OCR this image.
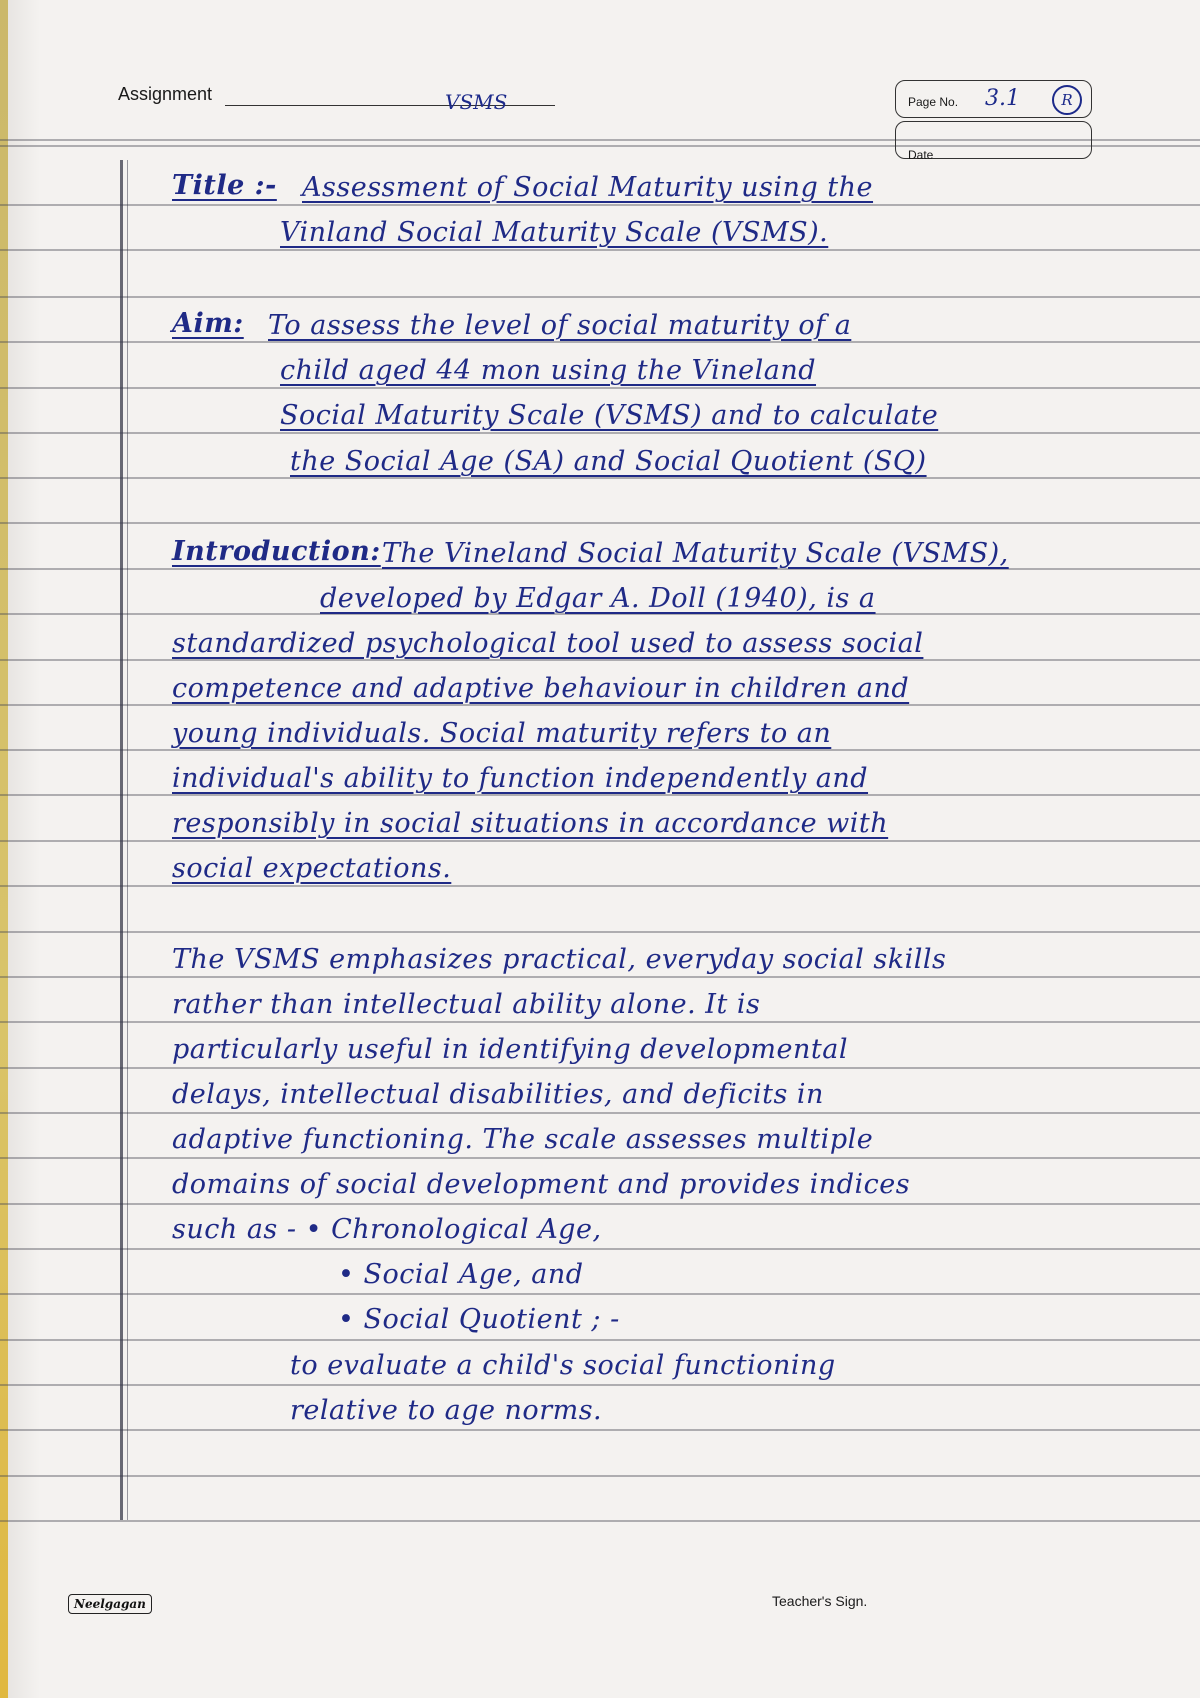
Assignment	VSMS	Page No. 3.1	R
Date
Title :- Assessment of Social Maturity using the
Vinland Social Maturity Scale (VSMS).
Aim: To assess the level of social maturity of a
child aged 44 mon using the Vineland
Social Maturity Scale (VSMS) and to calculate
the Social Age (SA) and Social Quotient (SQ)
Introduction: The Vineland Social Maturity Scale (VSMS),
developed by Edgar A. Doll (1940), is a
standardized psychological tool used to assess social
competence and adaptive behaviour in children and
young individuals. Social maturity refers to an
individual's ability to function independently and
responsibly in social situations in accordance with
social expectations.
The VSMS emphasizes practical, everyday social skills
rather than intellectual ability alone. It is
particularly useful in identifying developmental
delays, intellectual disabilities, and deficits in
adaptive functioning. The scale assesses multiple
domains of social development and provides indices
such as - • Chronological Age,
• Social Age, and
• Social Quotient ; -
to evaluate a child's social functioning
relative to age norms.
Neelgagan	Teacher's Sign.
